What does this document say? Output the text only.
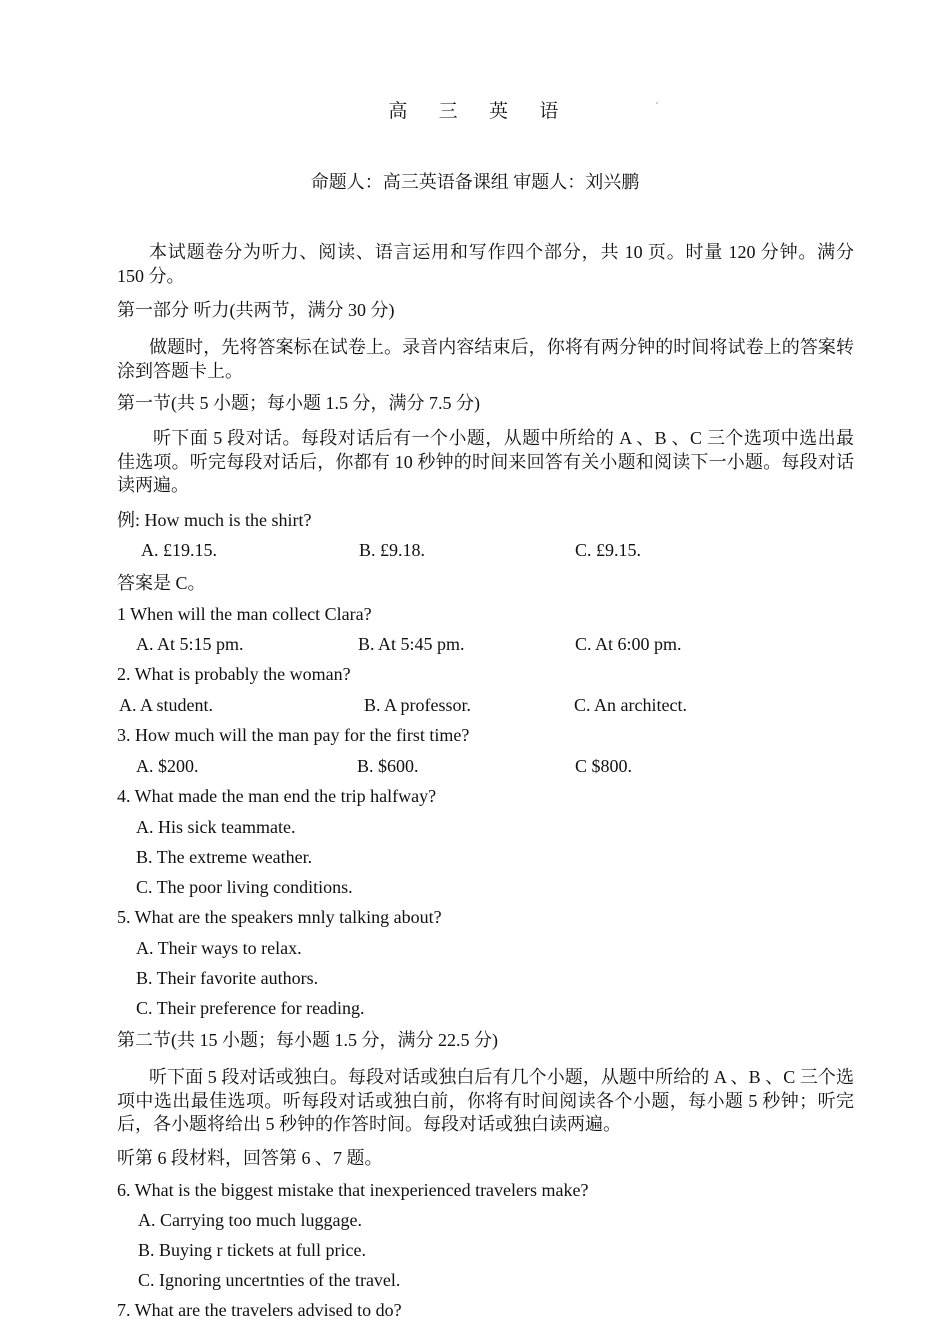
高 三 英 语
命题人：高三英语备课组 审题人：刘兴鹏
本试题卷分为听力、阅读、语言运用和写作四个部分，共 10 页。时量 120 分钟。满分 150 分。
第一部分 听力(共两节，满分 30 分)
做题时，先将答案标在试卷上。录音内容结束后，你将有两分钟的时间将试卷上的答案转涂到答题卡上。
第一节(共 5 小题；每小题 1.5 分，满分 7.5 分)
听下面 5 段对话。每段对话后有一个小题，从题中所给的 A 、B 、C 三个选项中选出最佳选项。听完每段对话后，你都有 10 秒钟的时间来回答有关小题和阅读下一小题。每段对话读两遍。
例: How much is the shirt?
A. £19.15.	B. £9.18.	C. £9.15.
答案是 C。
1 When will the man collect Clara?
A. At 5:15 pm.	B. At 5:45 pm.	C. At 6:00 pm.
2. What is probably the woman?
A. A student.	B. A professor.	C. An architect.
3. How much will the man pay for the first time?
A. $200.	B. $600.	C $800.
4. What made the man end the trip halfway?
A. His sick teammate.
B. The extreme weather.
C. The poor living conditions.
5. What are the speakers mnly talking about?
A. Their ways to relax.
B. Their favorite authors.
C. Their preference for reading.
第二节(共 15 小题；每小题 1.5 分，满分 22.5 分)
听下面 5 段对话或独白。每段对话或独白后有几个小题，从题中所给的 A 、B 、C 三个选项中选出最佳选项。听每段对话或独白前，你将有时间阅读各个小题，每小题 5 秒钟；听完后，各小题将给出 5 秒钟的作答时间。每段对话或独白读两遍。
听第 6 段材料，回答第 6 、7 题。
6. What is the biggest mistake that inexperienced travelers make?
A. Carrying too much luggage.
B. Buying r tickets at full price.
C. Ignoring uncertnties of the travel.
7. What are the travelers advised to do?
